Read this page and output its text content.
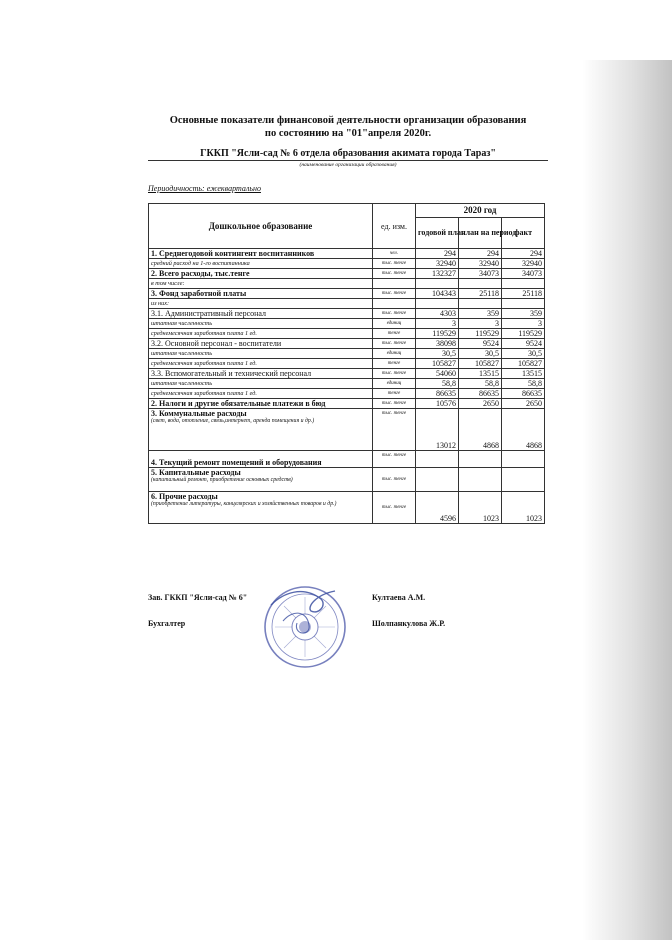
Основные показатели финансовой деятельности организации образования
по состоянию на "01"апреля 2020г.
ГККП "Ясли-сад № 6 отдела образования акимата города Тараз"
(наименование организации образования)
Периодичность: ежеквартально
Дошкольное образование	ед. изм.	2020 год		
		годовой план	план на период	факт
1. Среднегодовой контингент воспитанников	чел.	294	294	294
средний расход на 1-го воспитанника	тыс. тенге	32940	32940	32940
2. Всего расходы, тыс.тенге	тыс. тенге	132327	34073	34073
в том числе:				
3. Фонд заработной платы	тыс. тенге	104343	25118	25118
из них:				
3.1. Административный персонал	тыс. тенге	4303	359	359
штатная численность	единиц	3	3	3
среднемесячная заработная плата 1 ед.	тенге	119529	119529	119529
3.2. Основной персонал - воспитатели	тыс. тенге	38098	9524	9524
штатная численность	единиц	30,5	30,5	30,5
среднемесячная заработная плата 1 ед.	тенге	105827	105827	105827
3.3. Вспомогательный и технический персонал	тыс. тенге	54060	13515	13515
штатная численность	единиц	58,8	58,8	58,8
среднемесячная заработная плата 1 ед.	тенге	86635	86635	86635
2. Налоги и другие обязательные платежи в бюд	тыс. тенге	10576	2650	2650

3. Коммунальные расходы
(свет, вода, отопление, связь,интернет, аренда помещения и др.)	тыс. тенге	13012	4868	4868

4. Текущий ремонт помещений и оборудования	тыс. тенге			

5. Капитальные расходы
(капитальный ремонт, приобретение основных средств)	тыс. тенге			

6. Прочие расходы
(приобретение литературы, канцелярских и хозяйственных товаров и др.)	тыс. тенге	4596	1023	1023
Зав. ГККП "Ясли-сад № 6"	Култаева А.М.
Бухгалтер	Шолпанкулова Ж.Р.
